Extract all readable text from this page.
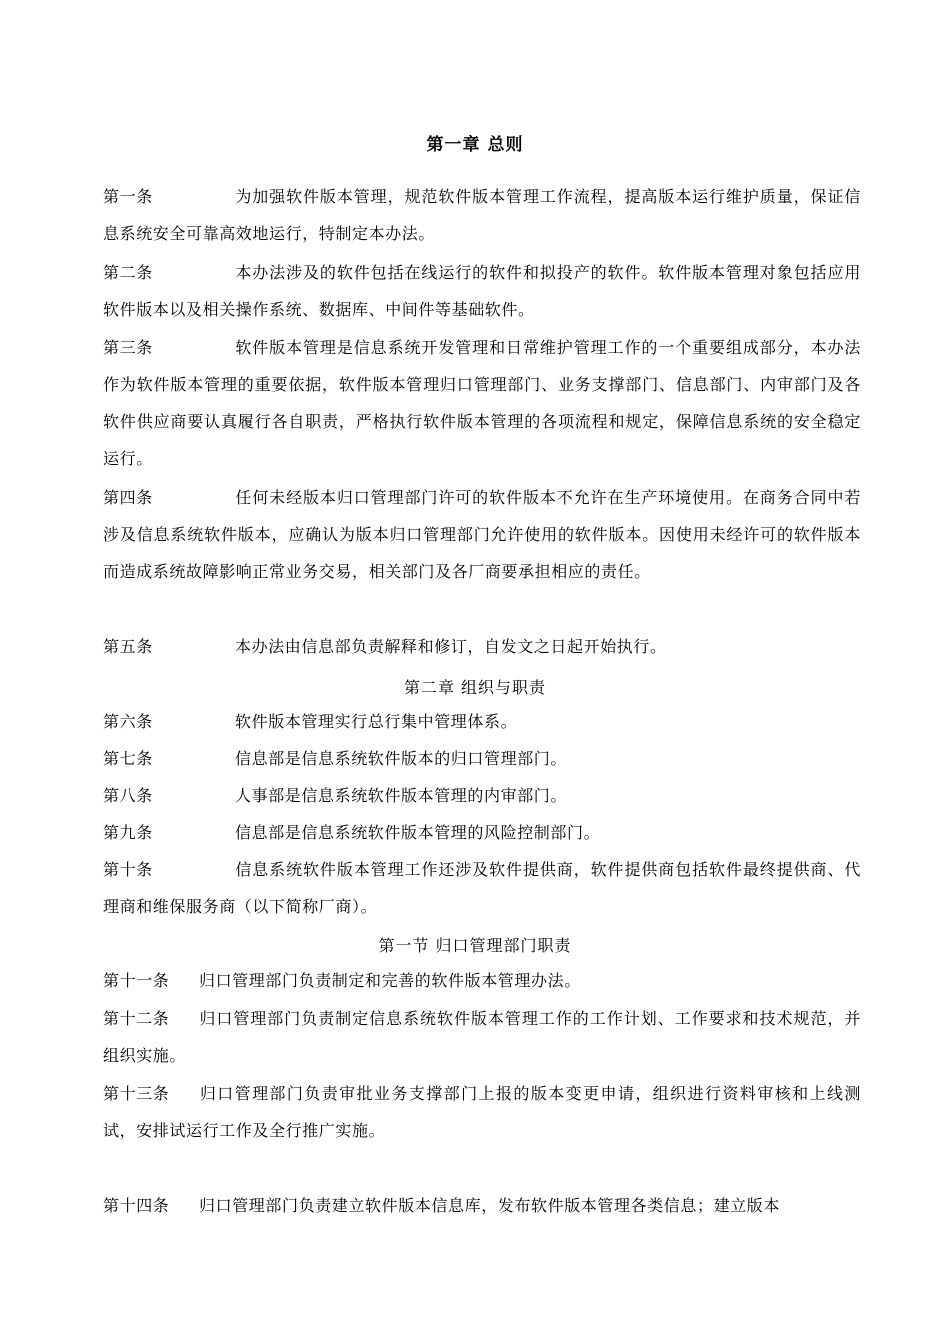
第一章 总则
第一条	为加强软件版本管理，规范软件版本管理工作流程，提高版本运行维护质量，保证信息系统安全可靠高效地运行，特制定本办法。
第二条	本办法涉及的软件包括在线运行的软件和拟投产的软件。软件版本管理对象包括应用软件版本以及相关操作系统、数据库、中间件等基础软件。
第三条	软件版本管理是信息系统开发管理和日常维护管理工作的一个重要组成部分，本办法作为软件版本管理的重要依据，软件版本管理归口管理部门、业务支撑部门、信息部门、内审部门及各软件供应商要认真履行各自职责，严格执行软件版本管理的各项流程和规定，保障信息系统的安全稳定运行。
第四条	任何未经版本归口管理部门许可的软件版本不允许在生产环境使用。在商务合同中若涉及信息系统软件版本，应确认为版本归口管理部门允许使用的软件版本。因使用未经许可的软件版本而造成系统故障影响正常业务交易，相关部门及各厂商要承担相应的责任。
第五条	本办法由信息部负责解释和修订，自发文之日起开始执行。
第二章 组织与职责
第六条	软件版本管理实行总行集中管理体系。
第七条	信息部是信息系统软件版本的归口管理部门。
第八条	人事部是信息系统软件版本管理的内审部门。
第九条	信息部是信息系统软件版本管理的风险控制部门。
第十条	信息系统软件版本管理工作还涉及软件提供商，软件提供商包括软件最终提供商、代理商和维保服务商（以下简称厂商）。
第一节 归口管理部门职责
第十一条 归口管理部门负责制定和完善的软件版本管理办法。
第十二条 归口管理部门负责制定信息系统软件版本管理工作的工作计划、工作要求和技术规范，并组织实施。
第十三条 归口管理部门负责审批业务支撑部门上报的版本变更申请，组织进行资料审核和上线测试，安排试运行工作及全行推广实施。
第十四条 归口管理部门负责建立软件版本信息库，发布软件版本管理各类信息；建立版本
